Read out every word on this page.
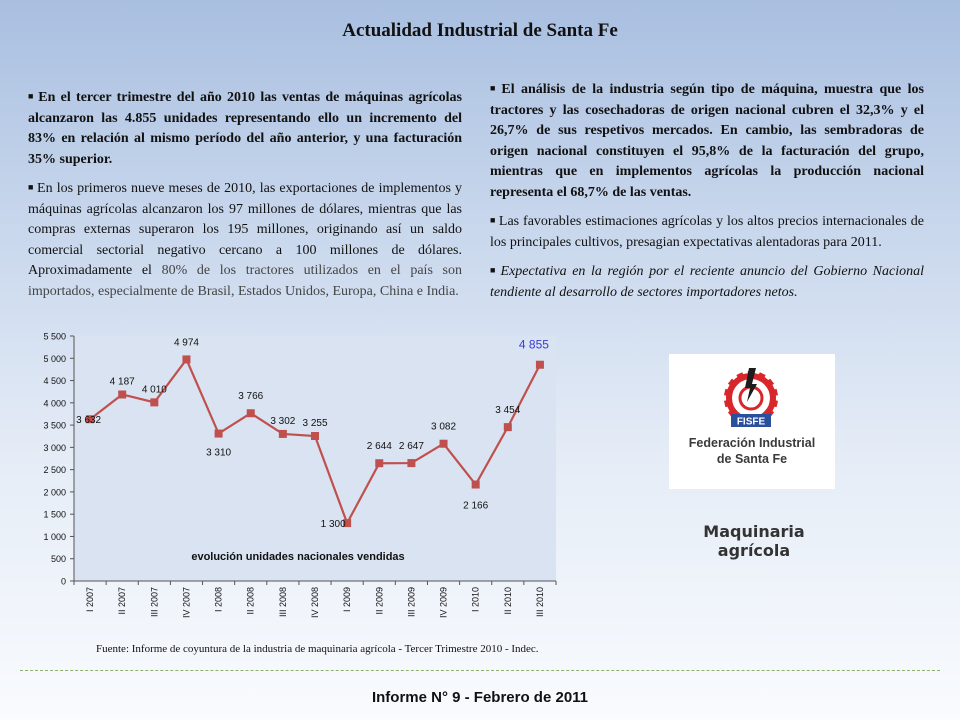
Actualidad Industrial de Santa Fe

■ En el tercer trimestre del año 2010 las ventas de máquinas agrícolas alcanzaron las 4.855 unidades representando ello un incremento del 83% en relación al mismo período del año anterior, y una facturación 35% superior.

■ En los primeros nueve meses de 2010, las exportaciones de implementos y máquinas agrícolas alcanzaron los 97 millones de dólares, mientras que las compras externas superaron los 195 millones, originando así un saldo comercial sectorial negativo cercano a 100 millones de dólares. Aproximadamente el 80% de los tractores utilizados en el país son importados, especialmente de Brasil, Estados Unidos, Europa, China e India.

■ El análisis de la industria según tipo de máquina, muestra que los tractores y las cosechadoras de origen nacional cubren el 32,3% y el 26,7% de sus respetivos mercados. En cambio, las sembradoras de origen nacional constituyen el 95,8% de la facturación del grupo, mientras que en implementos agrícolas la producción nacional representa el 68,7% de las ventas.

■ Las favorables estimaciones agrícolas y los altos precios internacionales de los principales cultivos, presagian expectativas alentadoras para 2011.

■ Expectativa en la región por el reciente anuncio del Gobierno Nacional tendiente al desarrollo de sectores importadores netos.

0
500
1 000
1 500
2 000
2 500
3 000
3 500
4 000
4 500
5 000
5 500
I 2007 II 2007 III 2007 IV 2007 I 2008 II 2008 III 2008 IV 2008 I 2009 II 2009 III 2009 IV 2009 I 2010 II 2010 III 2010
3 632
4 187
4 010
4 974
3 310
3 766
3 302 3 255
1 300
2 644 2 647
3 082
2 166
3 454
4 855
evolución unidades nacionales vendidas
Fuente: Informe de coyuntura de la industria de maquinaria agrícola - Tercer Trimestre 2010 - Indec.
FISFE
Federación Industrial
de Santa Fe
Maquinaria agrícola
Informe N° 9 - Febrero de 2011
